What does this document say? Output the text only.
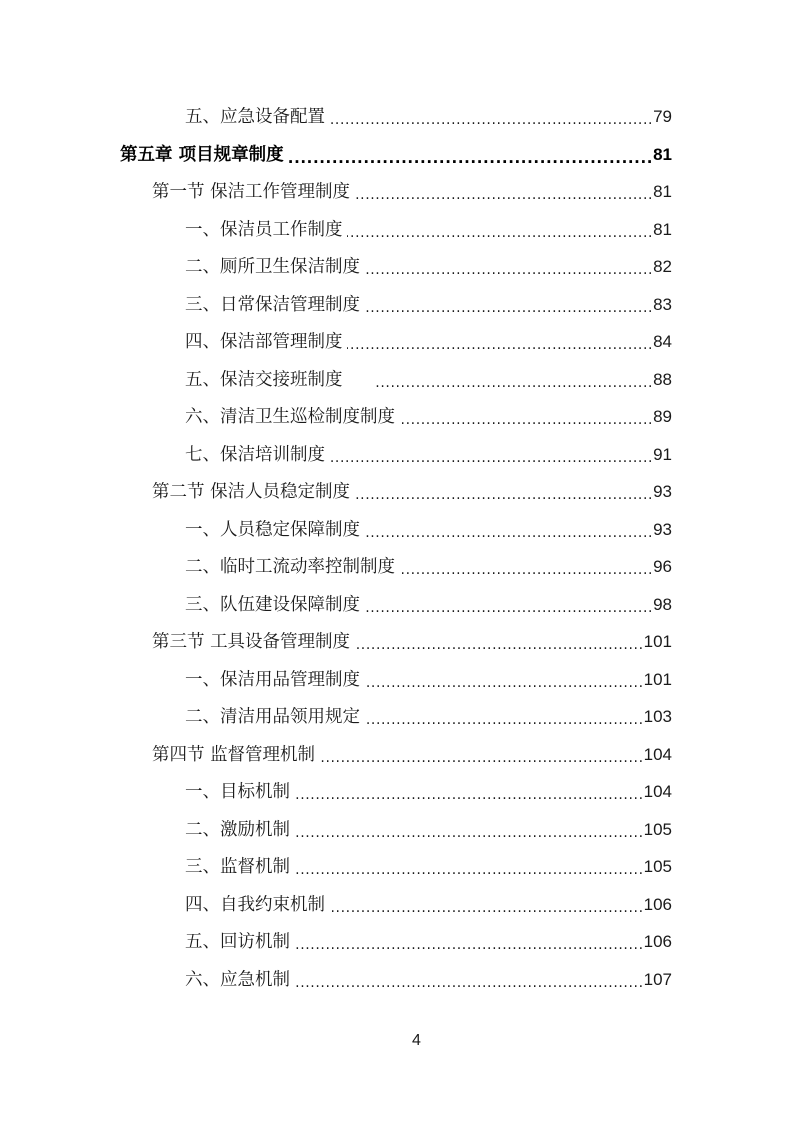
五、应急设备配置 .....	79
第五章 项目规章制度 .....	81
第一节 保洁工作管理制度 .....	81
一、保洁员工作制度 .....	81
二、厕所卫生保洁制度 .....	82
三、日常保洁管理制度 .....	83
四、保洁部管理制度 .....	84
五、保洁交接班制度 .....	88
六、清洁卫生巡检制度制度 .....	89
七、保洁培训制度 .....	91
第二节 保洁人员稳定制度 .....	93
一、人员稳定保障制度 .....	93
二、临时工流动率控制制度 .....	96
三、队伍建设保障制度 .....	98
第三节 工具设备管理制度 .....	101
一、保洁用品管理制度 .....	101
二、清洁用品领用规定 .....	103
第四节 监督管理机制 .....	104
一、目标机制 .....	104
二、激励机制 .....	105
三、监督机制 .....	105
四、自我约束机制 .....	106
五、回访机制 .....	106
六、应急机制 .....	107
4
